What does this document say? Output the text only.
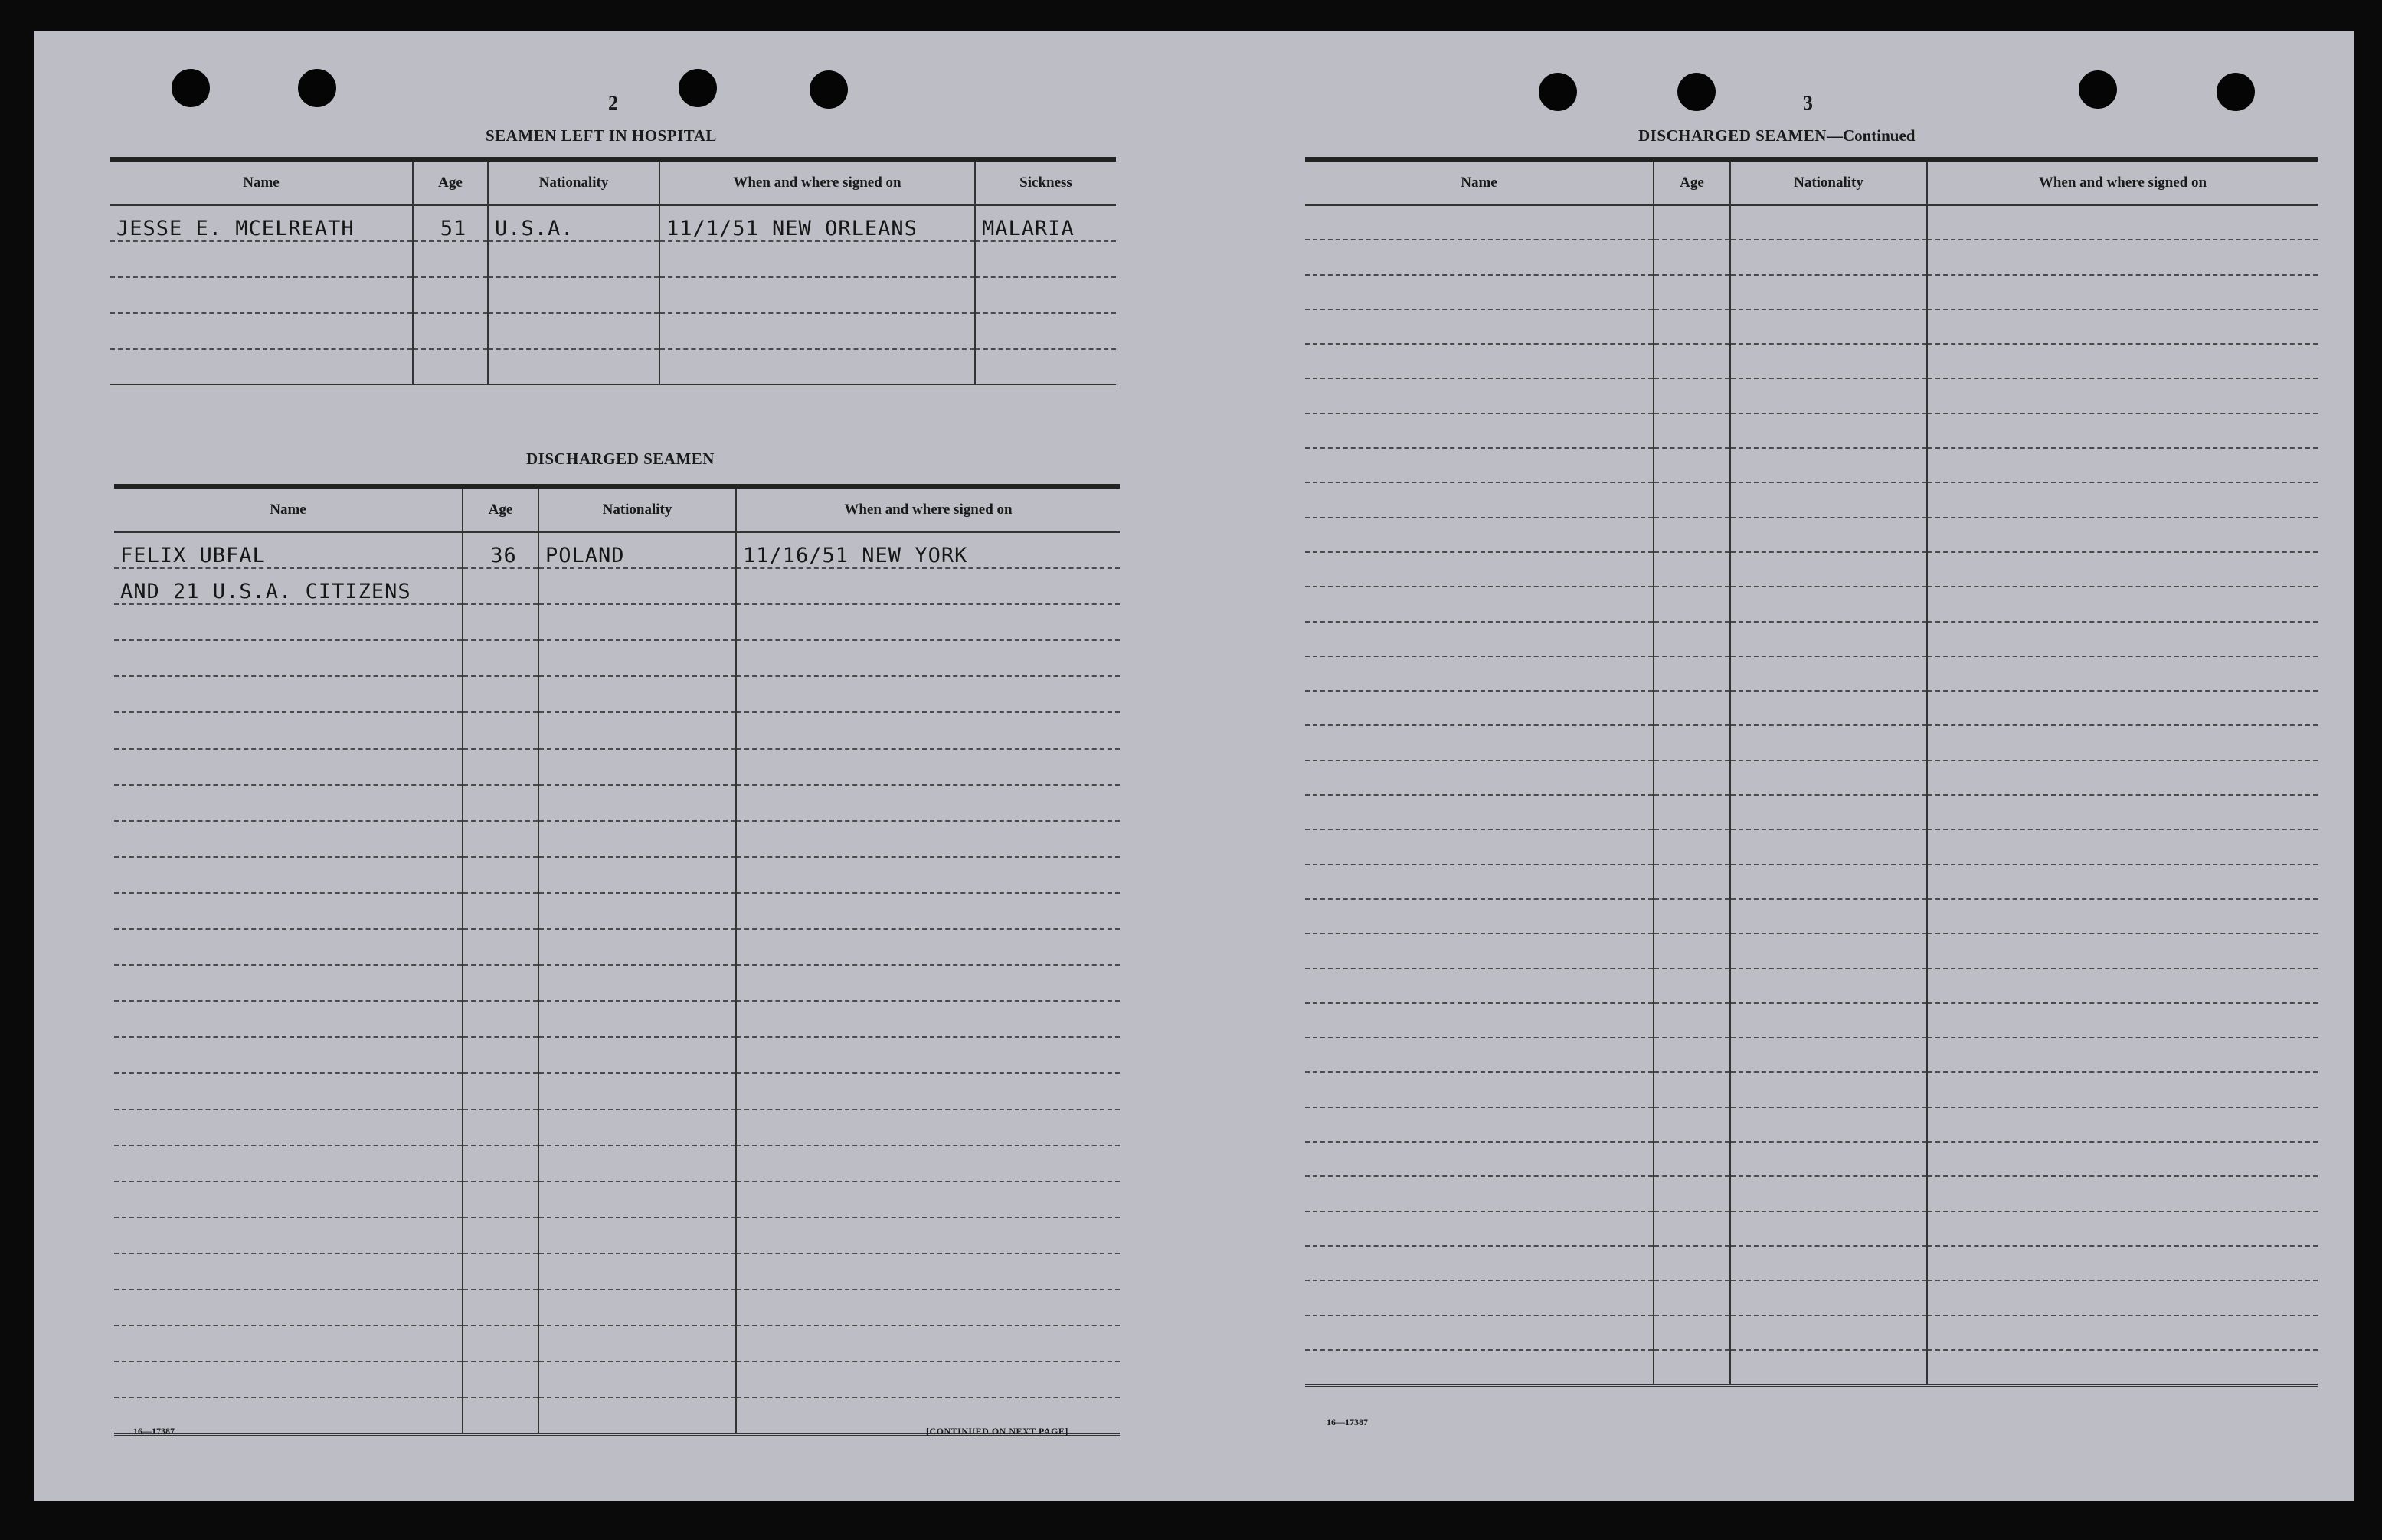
2
SEAMEN LEFT IN HOSPITAL
Name	Age	Nationality	When and where signed on	Sickness
JESSE E. MCELREATH	51	U.S.A.	11/1/51 NEW ORLEANS	MALARIA

DISCHARGED SEAMEN
Name	Age	Nationality	When and where signed on
FELIX UBFAL	36	POLAND	11/16/51 NEW YORK
AND 21 U.S.A. CITIZENS			

16—17387	[CONTINUED ON NEXT PAGE]
3
DISCHARGED SEAMEN—Continued
Name	Age	Nationality	When and where signed on

16—17387
